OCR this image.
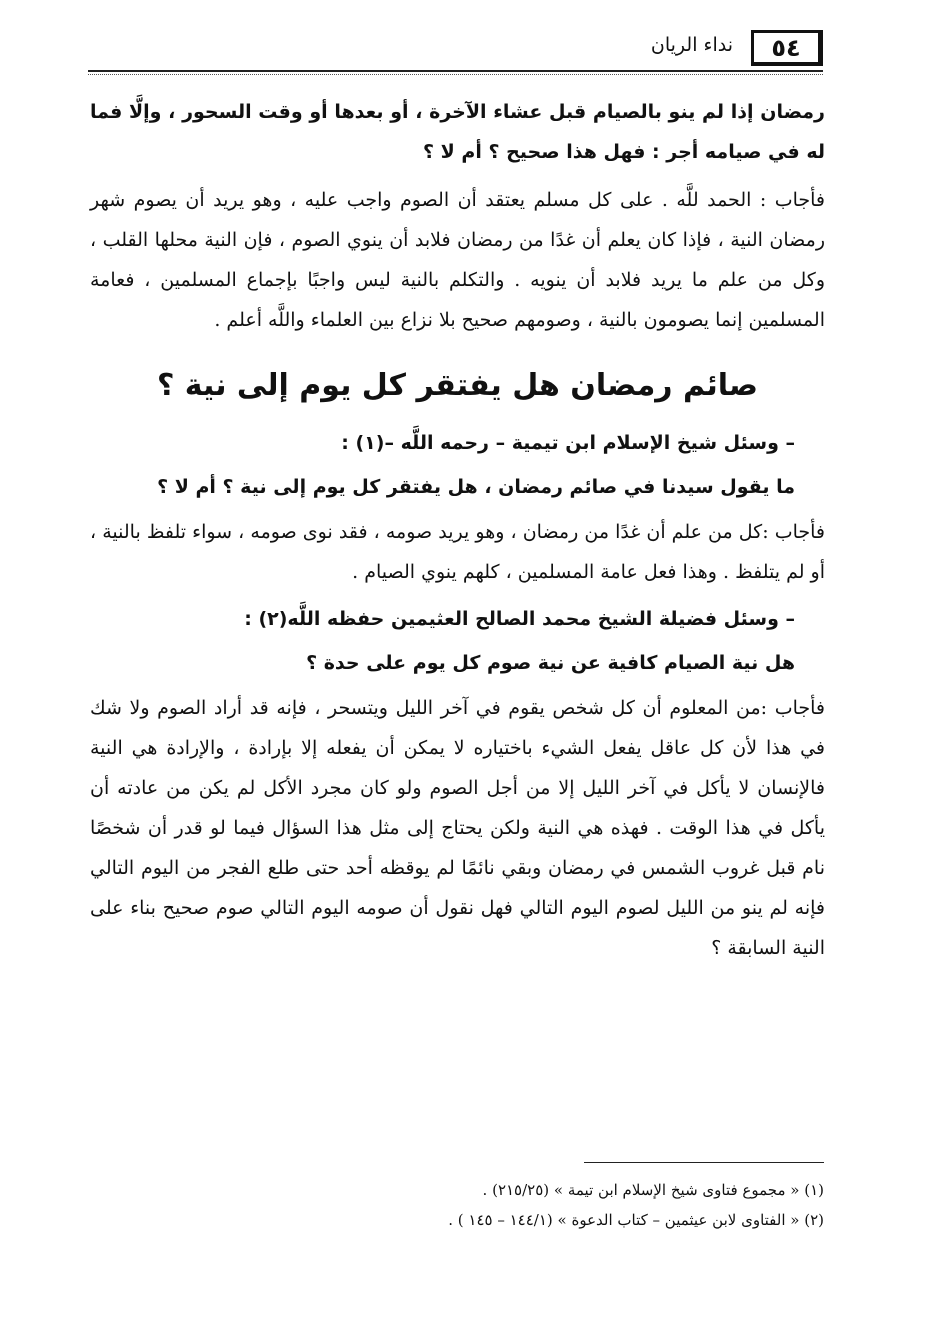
٥٤
نداء الريان

رمضان إذا لم ينو بالصيام قبل عشاء الآخرة ، أو بعدها أو وقت السحور ، وإلَّا فما له في صيامه أجر : فهل هذا صحيح ؟ أم لا ؟

فأجاب : الحمد للَّه . على كل مسلم يعتقد أن الصوم واجب عليه ، وهو يريد أن يصوم شهر رمضان النية ، فإذا كان يعلم أن غدًا من رمضان فلابد أن ينوي الصوم ، فإن النية محلها القلب ، وكل من علم ما يريد فلابد أن ينويه . والتكلم بالنية ليس واجبًا بإجماع المسلمين ، فعامة المسلمين إنما يصومون بالنية ، وصومهم صحيح بلا نزاع بين العلماء واللَّه أعلم .

صائم رمضان هل يفتقر كل يوم إلى نية ؟

– وسئل شيخ الإسلام ابن تيمية – رحمه اللَّه –(١) :

ما يقول سيدنا في صائم رمضان ، هل يفتقر كل يوم إلى نية ؟ أم لا ؟

فأجاب :كل من علم أن غدًا من رمضان ، وهو يريد صومه ، فقد نوى صومه ، سواء تلفظ بالنية ، أو لم يتلفظ . وهذا فعل عامة المسلمين ، كلهم ينوي الصيام .

– وسئل فضيلة الشيخ محمد الصالح العثيمين حفظه اللَّه(٢) :

هل نية الصيام كافية عن نية صوم كل يوم على حدة ؟

فأجاب :من المعلوم أن كل شخص يقوم في آخر الليل ويتسحر ، فإنه قد أراد الصوم ولا شك في هذا لأن كل عاقل يفعل الشيء باختياره لا يمكن أن يفعله إلا بإرادة ، والإرادة هي النية فالإنسان لا يأكل في آخر الليل إلا من أجل الصوم ولو كان مجرد الأكل لم يكن من عادته أن يأكل في هذا الوقت . فهذه هي النية ولكن يحتاج إلى مثل هذا السؤال فيما لو قدر أن شخصًا نام قبل غروب الشمس في رمضان وبقي نائمًا لم يوقظه أحد حتى طلع الفجر من اليوم التالي فإنه لم ينو من الليل لصوم اليوم التالي فهل نقول أن صومه اليوم التالي صوم صحيح بناء على النية السابقة ؟

(١) « مجموع فتاوى شيخ الإسلام ابن تيمة » (٢١٥/٢٥) .
(٢) « الفتاوى لابن عيثمين – كتاب الدعوة » (١٤٤/١ – ١٤٥ ) .
